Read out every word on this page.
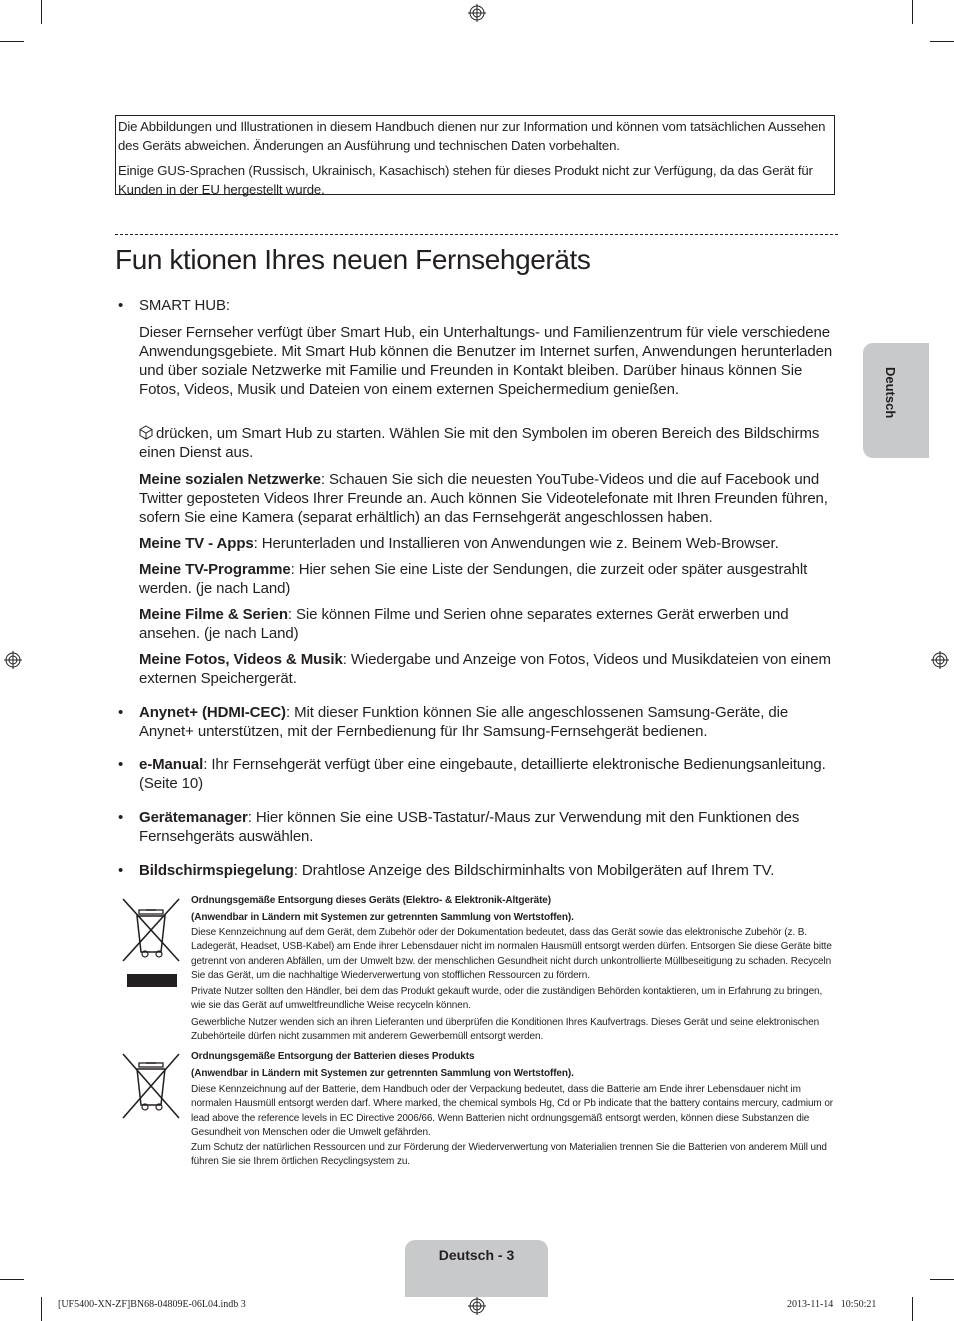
Die Abbildungen und Illustrationen in diesem Handbuch dienen nur zur Information und können vom tatsächlichen Aussehen des Geräts abweichen. Änderungen an Ausführung und technischen Daten vorbehalten.

Einige GUS-Sprachen (Russisch, Ukrainisch, Kasachisch) stehen für dieses Produkt nicht zur Verfügung, da das Gerät für Kunden in der EU hergestellt wurde.

Fun ktionen Ihres neuen Fernsehgeräts
Deutsch
• SMART HUB:

Dieser Fernseher verfügt über Smart Hub, ein Unterhaltungs- und Familienzentrum für viele verschiedene Anwendungsgebiete. Mit Smart Hub können die Benutzer im Internet surfen, Anwendungen herunterladen und über soziale Netzwerke mit Familie und Freunden in Kontakt bleiben. Darüber hinaus können Sie Fotos, Videos, Musik und Dateien von einem externen Speichermedium genießen.

drücken, um Smart Hub zu starten. Wählen Sie mit den Symbolen im oberen Bereich des Bildschirms einen Dienst aus.

Meine sozialen Netzwerke: Schauen Sie sich die neuesten YouTube-Videos und die auf Facebook und Twitter geposteten Videos Ihrer Freunde an. Auch können Sie Videotelefonate mit Ihren Freunden führen, sofern Sie eine Kamera (separat erhältlich) an das Fernsehgerät angeschlossen haben.

Meine TV - Apps: Herunterladen und Installieren von Anwendungen wie z. Beinem Web-Browser.

Meine TV-Programme: Hier sehen Sie eine Liste der Sendungen, die zurzeit oder später ausgestrahlt werden. (je nach Land)

Meine Filme & Serien: Sie können Filme und Serien ohne separates externes Gerät erwerben und ansehen. (je nach Land)

Meine Fotos, Videos & Musik: Wiedergabe und Anzeige von Fotos, Videos und Musikdateien von einem externen Speichergerät.

• Anynet+ (HDMI-CEC): Mit dieser Funktion können Sie alle angeschlossenen Samsung-Geräte, die Anynet+ unterstützen, mit der Fernbedienung für Ihr Samsung-Fernsehgerät bedienen.

• e-Manual: Ihr Fernsehgerät verfügt über eine eingebaute, detaillierte elektronische Bedienungsanleitung. (Seite 10)

• Gerätemanager: Hier können Sie eine USB-Tastatur/-Maus zur Verwendung mit den Funktionen des Fernsehgeräts auswählen.

• Bildschirmspiegelung: Drahtlose Anzeige des Bildschirminhalts von Mobilgeräten auf Ihrem TV.

Ordnungsgemäße Entsorgung dieses Geräts (Elektro- & Elektronik-Altgeräte)

(Anwendbar in Ländern mit Systemen zur getrennten Sammlung von Wertstoffen).

Diese Kennzeichnung auf dem Gerät, dem Zubehör oder der Dokumentation bedeutet, dass das Gerät sowie das elektronische Zubehör (z. B. Ladegerät, Headset, USB-Kabel) am Ende ihrer Lebensdauer nicht im normalen Hausmüll entsorgt werden dürfen. Entsorgen Sie diese Geräte bitte getrennt von anderen Abfällen, um der Umwelt bzw. der menschlichen Gesundheit nicht durch unkontrollierte Müllbeseitigung zu schaden. Recyceln Sie das Gerät, um die nachhaltige Wiederverwertung von stofflichen Ressourcen zu fördern.

Private Nutzer sollten den Händler, bei dem das Produkt gekauft wurde, oder die zuständigen Behörden kontaktieren, um in Erfahrung zu bringen, wie sie das Gerät auf umweltfreundliche Weise recyceln können.

Gewerbliche Nutzer wenden sich an ihren Lieferanten und überprüfen die Konditionen Ihres Kaufvertrags. Dieses Gerät und seine elektronischen Zubehörteile dürfen nicht zusammen mit anderem Gewerbemüll entsorgt werden.

Ordnungsgemäße Entsorgung der Batterien dieses Produkts

(Anwendbar in Ländern mit Systemen zur getrennten Sammlung von Wertstoffen).

Diese Kennzeichnung auf der Batterie, dem Handbuch oder der Verpackung bedeutet, dass die Batterie am Ende ihrer Lebensdauer nicht im normalen Hausmüll entsorgt werden darf. Where marked, the chemical symbols Hg, Cd or Pb indicate that the battery contains mercury, cadmium or lead above the reference levels in EC Directive 2006/66. Wenn Batterien nicht ordnungsgemäß entsorgt werden, können diese Substanzen die Gesundheit von Menschen oder die Umwelt gefährden.

Zum Schutz der natürlichen Ressourcen und zur Förderung der Wiederverwertung von Materialien trennen Sie die Batterien von anderem Müll und führen Sie sie Ihrem örtlichen Recyclingsystem zu.

Deutsch - 3
[UF5400-XN-ZF]BN68-04809E-06L04.indb 3	2013-11-14   10:50:21
